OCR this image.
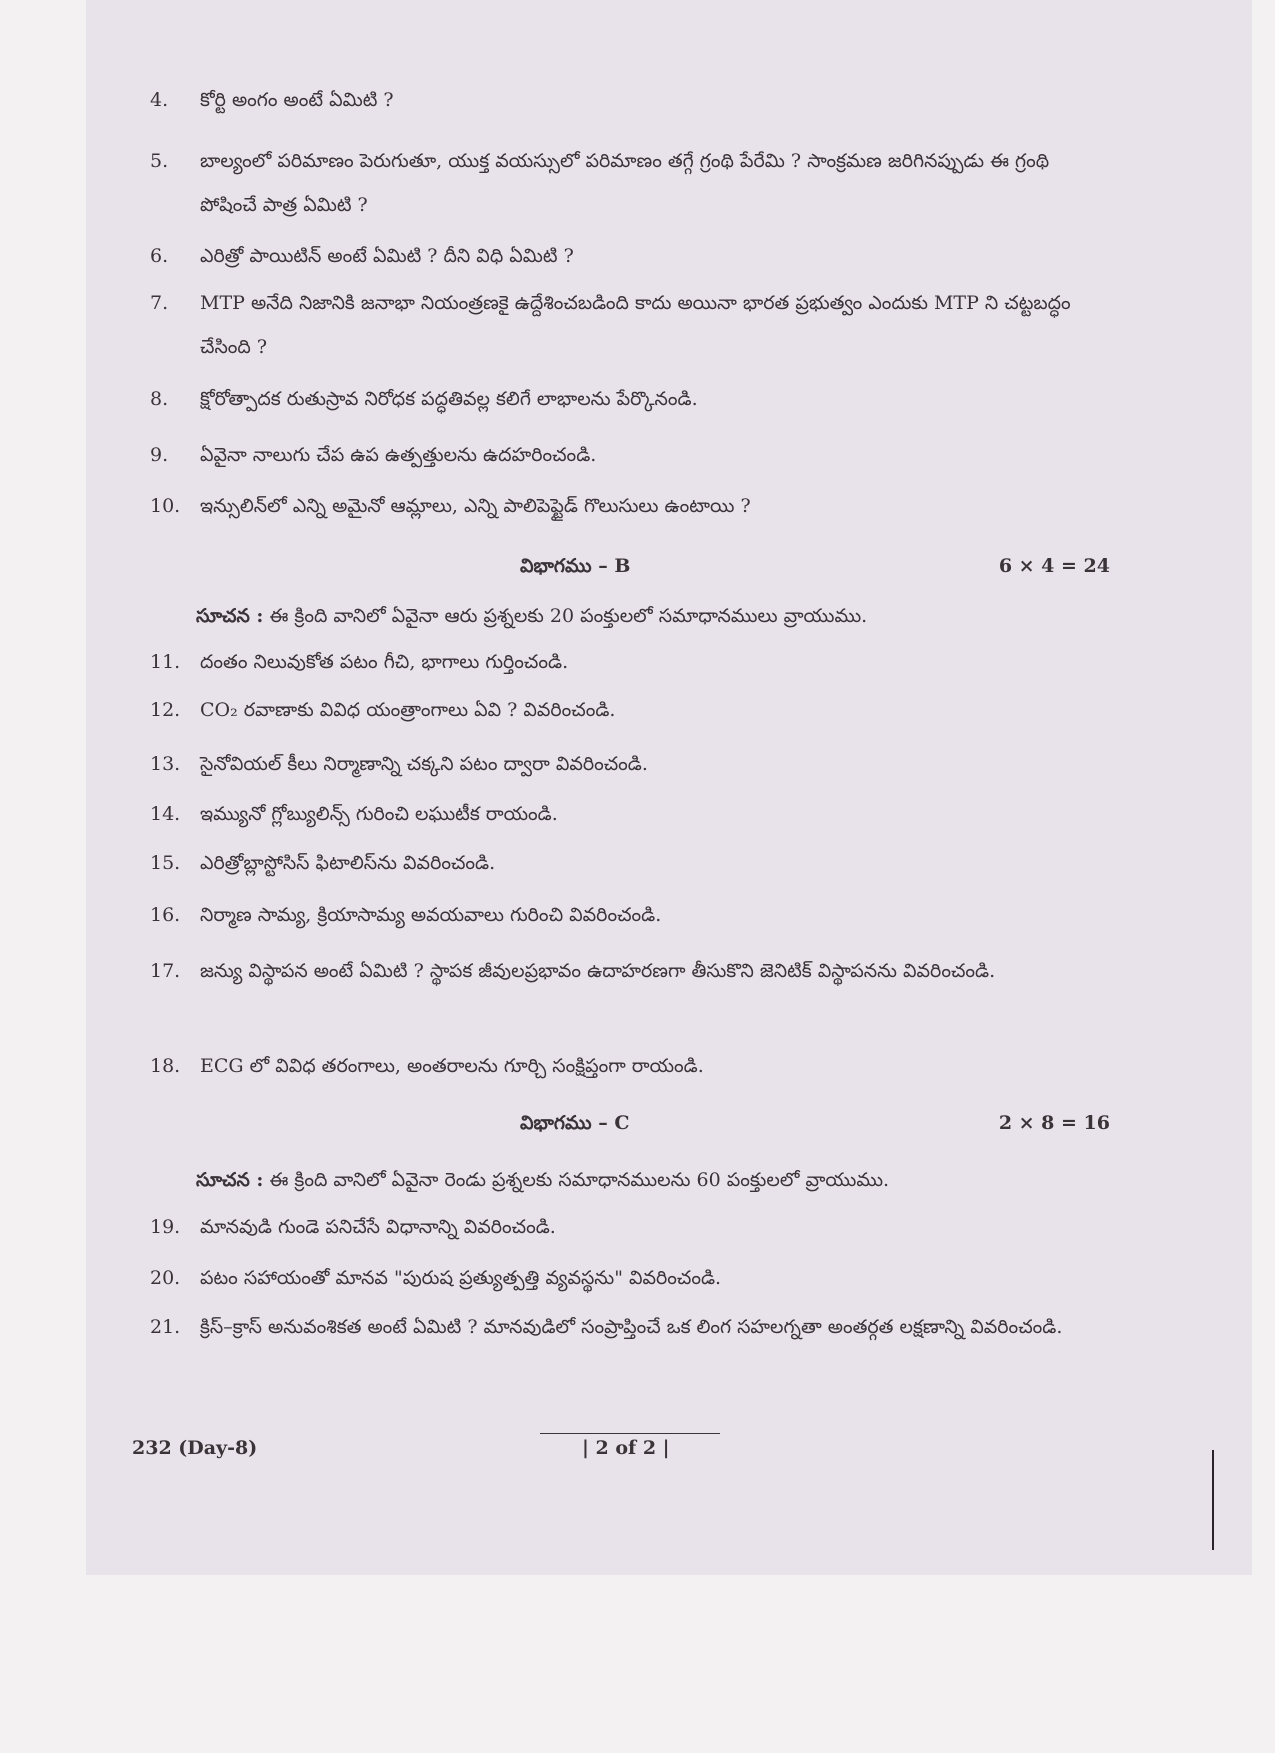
4.	కోర్టి అంగం అంటే ఏమిటి ?
5.	బాల్యంలో పరిమాణం పెరుగుతూ, యుక్త వయస్సులో పరిమాణం తగ్గే గ్రంథి పేరేమి ? సాంక్రమణ జరిగినప్పుడు ఈ గ్రంథి పోషించే పాత్ర ఏమిటి ?
6.	ఎరిత్రో పాయిటిన్ అంటే ఏమిటి ? దీని విధి ఏమిటి ?
7.	MTP అనేది నిజానికి జనాభా నియంత్రణకై ఉద్దేశించబడింది కాదు అయినా భారత ప్రభుత్వం ఎందుకు MTP ని చట్టబద్ధం చేసింది ?
8.	క్షోరోత్పాదక రుతుస్రావ నిరోధక పద్ధతివల్ల కలిగే లాభాలను పేర్కొనండి.
9.	ఏవైనా నాలుగు చేప ఉప ఉత్పత్తులను ఉదహరించండి.
10.	ఇన్సులిన్‌లో ఎన్ని అమైనో ఆమ్లాలు, ఎన్ని పాలిపెప్టైడ్ గొలుసులు ఉంటాయి ?
విభాగము – B	6 × 4 = 24
సూచన : ఈ క్రింది వానిలో ఏవైనా ఆరు ప్రశ్నలకు 20 పంక్తులలో సమాధానములు వ్రాయుము.
11.	దంతం నిలువుకోత పటం గీచి, భాగాలు గుర్తించండి.
12.	CO₂ రవాణాకు వివిధ యంత్రాంగాలు ఏవి ? వివరించండి.
13.	సైనోవియల్ కీలు నిర్మాణాన్ని చక్కని పటం ద్వారా వివరించండి.
14.	ఇమ్యునో గ్లోబ్యులిన్స్ గురించి లఘుటీక రాయండి.
15.	ఎరిత్రోబ్లాస్టోసిస్ ఫిటాలిస్‌ను వివరించండి.
16.	నిర్మాణ సామ్య, క్రియాసామ్య అవయవాలు గురించి వివరించండి.
17.	జన్యు విస్థాపన అంటే ఏమిటి ? స్థాపక జీవులప్రభావం ఉదాహరణగా తీసుకొని జెనిటిక్ విస్థాపనను వివరించండి.
18.	ECG లో వివిధ తరంగాలు, అంతరాలను గూర్చి సంక్షిప్తంగా రాయండి.
విభాగము – C	2 × 8 = 16
సూచన : ఈ క్రింది వానిలో ఏవైనా రెండు ప్రశ్నలకు సమాధానములను 60 పంక్తులలో వ్రాయుము.
19.	మానవుడి గుండె పనిచేసే విధానాన్ని వివరించండి.
20.	పటం సహాయంతో మానవ "పురుష ప్రత్యుత్పత్తి వ్యవస్థను" వివరించండి.
21.	క్రిస్–క్రాస్ అనువంశికత అంటే ఏమిటి ? మానవుడిలో సంప్రాప్తించే ఒక లింగ సహలగ్నతా అంతర్గత లక్షణాన్ని వివరించండి.
232 (Day-8)	| 2 of 2 |
